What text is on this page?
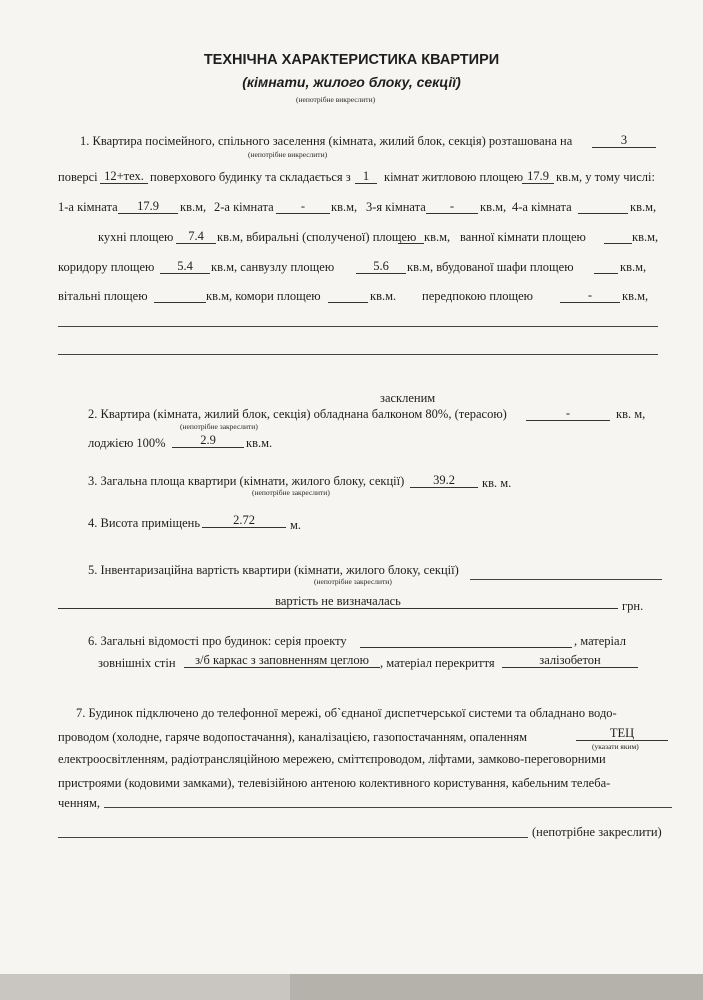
ТЕХНІЧНА ХАРАКТЕРИСТИКА КВАРТИРИ
(кімнати, жилого блоку, секції)
(непотрібне викреслити)
1. Квартира посімейного, спільного заселення (кімната, жилий блок, секція) розташована на
(непотрібне викреслити)
3
поверсі 12+тех. поверхового будинку та складається з 1	кімнат житловою площею 17.9 кв.м, у тому числі:
1-а кімната	17.9	кв.м, 2-а кімната	-	кв.м, 3-я кімната	-	кв.м, 4-а кімната	кв.м,
кухні площею	7.4	кв.м, вбиральні (сполученої) площею кв.м, ванної кімнати площею	кв.м,
коридору площею	5.4	кв.м, санвузлу площею	5.6	кв.м, вбудованої шафи площею	кв.м,
вітальні площею	кв.м, комори площею	кв.м. передпокою площею	-	кв.м,
заскленим
2. Квартира (кімната, жилий блок, секція) обладнана балконом 80%, (терасою)
(непотрібне закреслити)
-	кв. м,
лоджією 100%	2.9	кв.м.
3. Загальна площа квартири (кімнати, жилого блоку, секції)
(непотрібне закреслити)
39.2	кв. м.
4. Висота приміщень	2.72	м.
5. Інвентаризаційна вартість квартири (кімнати, жилого блоку, секції)
(непотрібне закреслити)
вартість не визначалась	грн.
6. Загальні відомості про будинок: серія проекту	, матеріал
зовнішніх стін	з/б каркас з заповненням цеглою , матеріал перекриття	залізобетон
7. Будинок підключено до телефонної мережі, об`єднаної диспетчерської системи та обладнано водо-
проводом (холодне, гаряче водопостачання), каналізацією, газопостачанням, опаленням	ТЕЦ
(указати яким)
електроосвітленням, радіотрансляційною мережею, сміттєпроводом, ліфтами, замково-переговорними
пристроями (кодовими замками), телевізійною антеною колективного користування, кабельним телеба-
ченням,
(непотрібне закреслити)
